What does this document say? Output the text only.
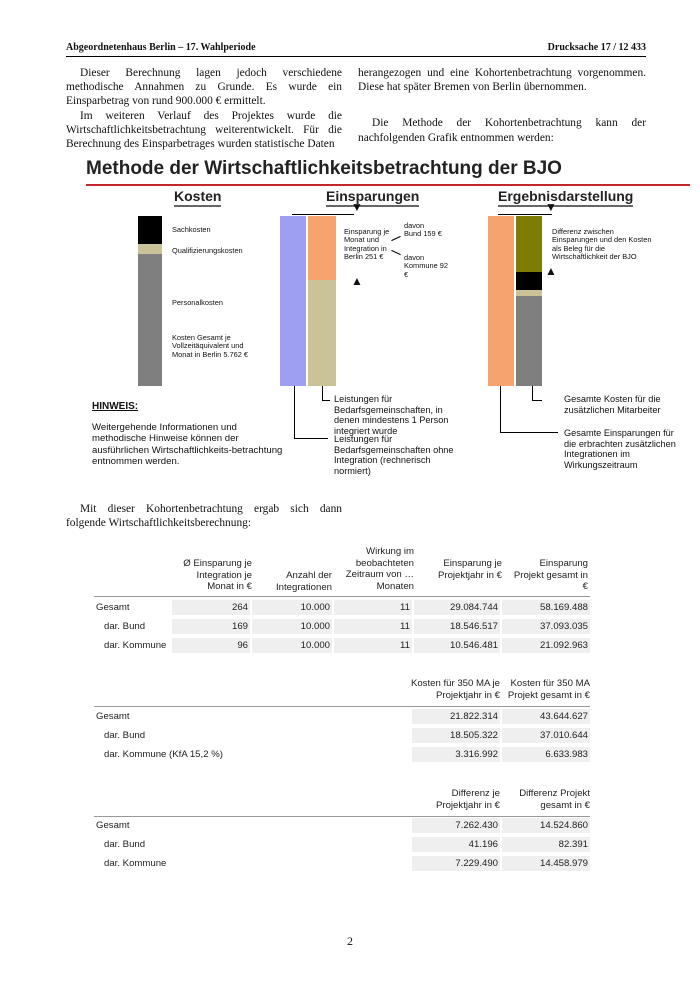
Abgeordnetenhaus Berlin – 17. Wahlperiode	Drucksache 17 / 12 433

Dieser Berechnung lagen jedoch verschiedene methodische Annahmen zu Grunde. Es wurde ein Einsparbetrag von rund 900.000 € ermittelt.

Im weiteren Verlauf des Projektes wurde die Wirtschaftlichkeitsbetrachtung weiterentwickelt. Für die Berechnung des Einsparbetrages wurden statistische Daten

herangezogen und eine Kohortenbetrachtung vorgenommen. Diese hat später Bremen von Berlin übernommen.

Die Methode der Kohortenbetrachtung kann der nachfolgenden Grafik entnommen werden:

Methode der Wirtschaftlichkeitsbetrachtung der BJO
Kosten	Einsparungen	Ergebnisdarstellung
Sachkosten
Qualifizierungskosten
Personalkosten
Kosten Gesamt je Vollzeitäquivalent und Monat in Berlin 5.762 €
▼
▲
Einsparung je Monat und Integration in Berlin 251 €
davon Bund 159 €
davon Kommune 92 €
Leistungen für Bedarfsgemeinschaften, in denen mindestens 1 Person integriert wurde
Leistungen für Bedarfsgemeinschaften ohne Integration (rechnerisch normiert)
▼
▲
Differenz zwischen Einsparungen und den Kosten als Beleg für die Wirtschaftlichkeit der BJO
Gesamte Kosten für die zusätzlichen Mitarbeiter
Gesamte Einsparungen für die erbrachten zusätzlichen Integrationen im Wirkungszeitraum
HINWEIS:
Weitergehende Informationen und methodische Hinweise können der ausführlichen Wirtschaftlichkeits-betrachtung entnommen werden.

Mit dieser Kohortenbetrachtung ergab sich dann folgende Wirtschaftlichkeitsberechnung:

Ø Einsparung je Integration je Monat in €
Anzahl der Integrationen
Wirkung im beobachteten Zeitraum von … Monaten
Einsparung je Projektjahr in €
Einsparung Projekt gesamt in €
Gesamt	264	10.000	11	29.084.744	58.169.488
dar. Bund	169	10.000	11	18.546.517	37.093.035
dar. Kommune	96	10.000	11	10.546.481	21.092.963
Kosten für 350 MA je Projektjahr in €
Kosten für 350 MA Projekt gesamt in €
Gesamt	21.822.314	43.644.627
dar. Bund	18.505.322	37.010.644
dar. Kommune (KfA 15,2 %)	3.316.992	6.633.983
Differenz je Projektjahr in €
Differenz Projekt gesamt in €
Gesamt	7.262.430	14.524.860
dar. Bund	41.196	82.391
dar. Kommune	7.229.490	14.458.979
2
